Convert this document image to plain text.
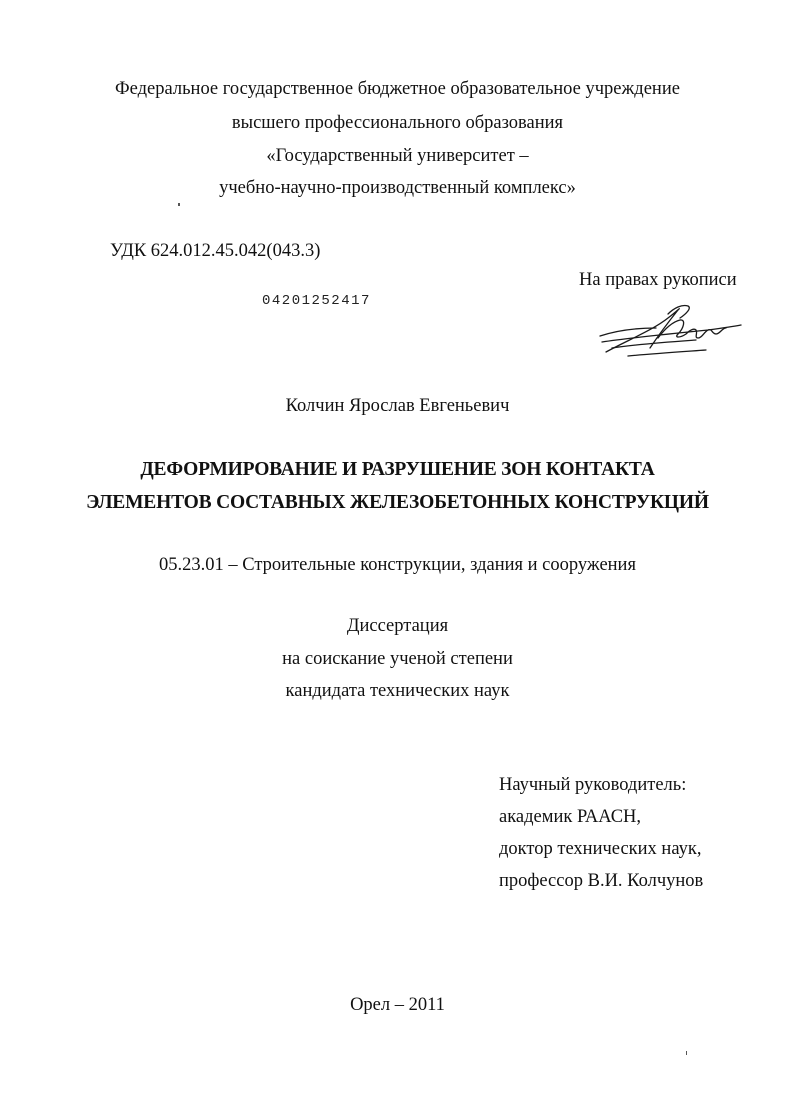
Федеральное государственное бюджетное образовательное учреждение
высшего профессионального образования
«Государственный университет –
учебно-научно-производственный комплекс»
УДК 624.012.45.042(043.3)
На правах рукописи
04201252417
Колчин Ярослав Евгеньевич
ДЕФОРМИРОВАНИЕ И РАЗРУШЕНИЕ ЗОН КОНТАКТА
ЭЛЕМЕНТОВ СОСТАВНЫХ ЖЕЛЕЗОБЕТОННЫХ КОНСТРУКЦИЙ
05.23.01 – Строительные конструкции, здания и сооружения
Диссертация
на соискание ученой степени
кандидата технических наук
Научный руководитель:
академик РААСН,
доктор технических наук,
профессор В.И. Колчунов
Орел – 2011
